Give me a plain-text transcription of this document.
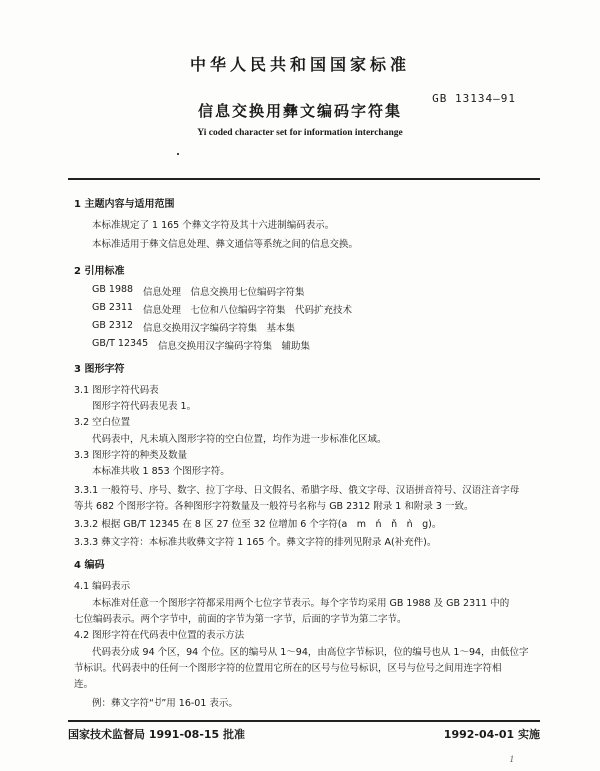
中华人民共和国国家标准
GB 13134—91
信息交换用彝文编码字符集
Yi coded character set for information interchange
1 主题内容与适用范围
本标准规定了 1 165 个彝文字符及其十六进制编码表示。
本标准适用于彝文信息处理、彝文通信等系统之间的信息交换。
2 引用标准
GB 1988 信息处理　信息交换用七位编码字符集
GB 2311 信息处理　七位和八位编码字符集　代码扩充技术
GB 2312 信息交换用汉字编码字符集　基本集
GB/T 12345 信息交换用汉字编码字符集　辅助集
3 图形字符
3.1 图形字符代码表
图形字符代码表见表 1。
3.2 空白位置
代码表中，凡未填入图形字符的空白位置，均作为进一步标准化区域。
3.3 图形字符的种类及数量
本标准共收 1 853 个图形字符。
3.3.1 一般符号、序号、数字、拉丁字母、日文假名、希腊字母、俄文字母、汉语拼音符号、汉语注音字母
等共 682 个图形字符。各种图形字符数量及一般符号名称与 GB 2312 附录 1 和附录 3 一致。
3.3.2 根据 GB/T 12345 在 8 区 27 位至 32 位增加 6 个字符(a　m　ń　ň　ǹ　g)。
3.3.3 彝文字符：本标准共收彝文字符 1 165 个。彝文字符的排列见附录 A(补充件)。
4 编码
4.1 编码表示
本标准对任意一个图形字符都采用两个七位字节表示。每个字节均采用 GB 1988 及 GB 2311 中的
七位编码表示。两个字节中，前面的字节为第一字节，后面的字节为第二字节。
4.2 图形字符在代码表中位置的表示方法
代码表分成 94 个区，94 个位。区的编号从 1～94，由高位字节标识，位的编号也从 1～94，由低位字
节标识。代码表中的任何一个图形字符的位置用它所在的区号与位号标识，区号与位号之间用连字符相
连。
例：彝文字符“ꀀ”用 16-01 表示。
国家技术监督局 1991-08-15 批准	1992-04-01 实施
1
